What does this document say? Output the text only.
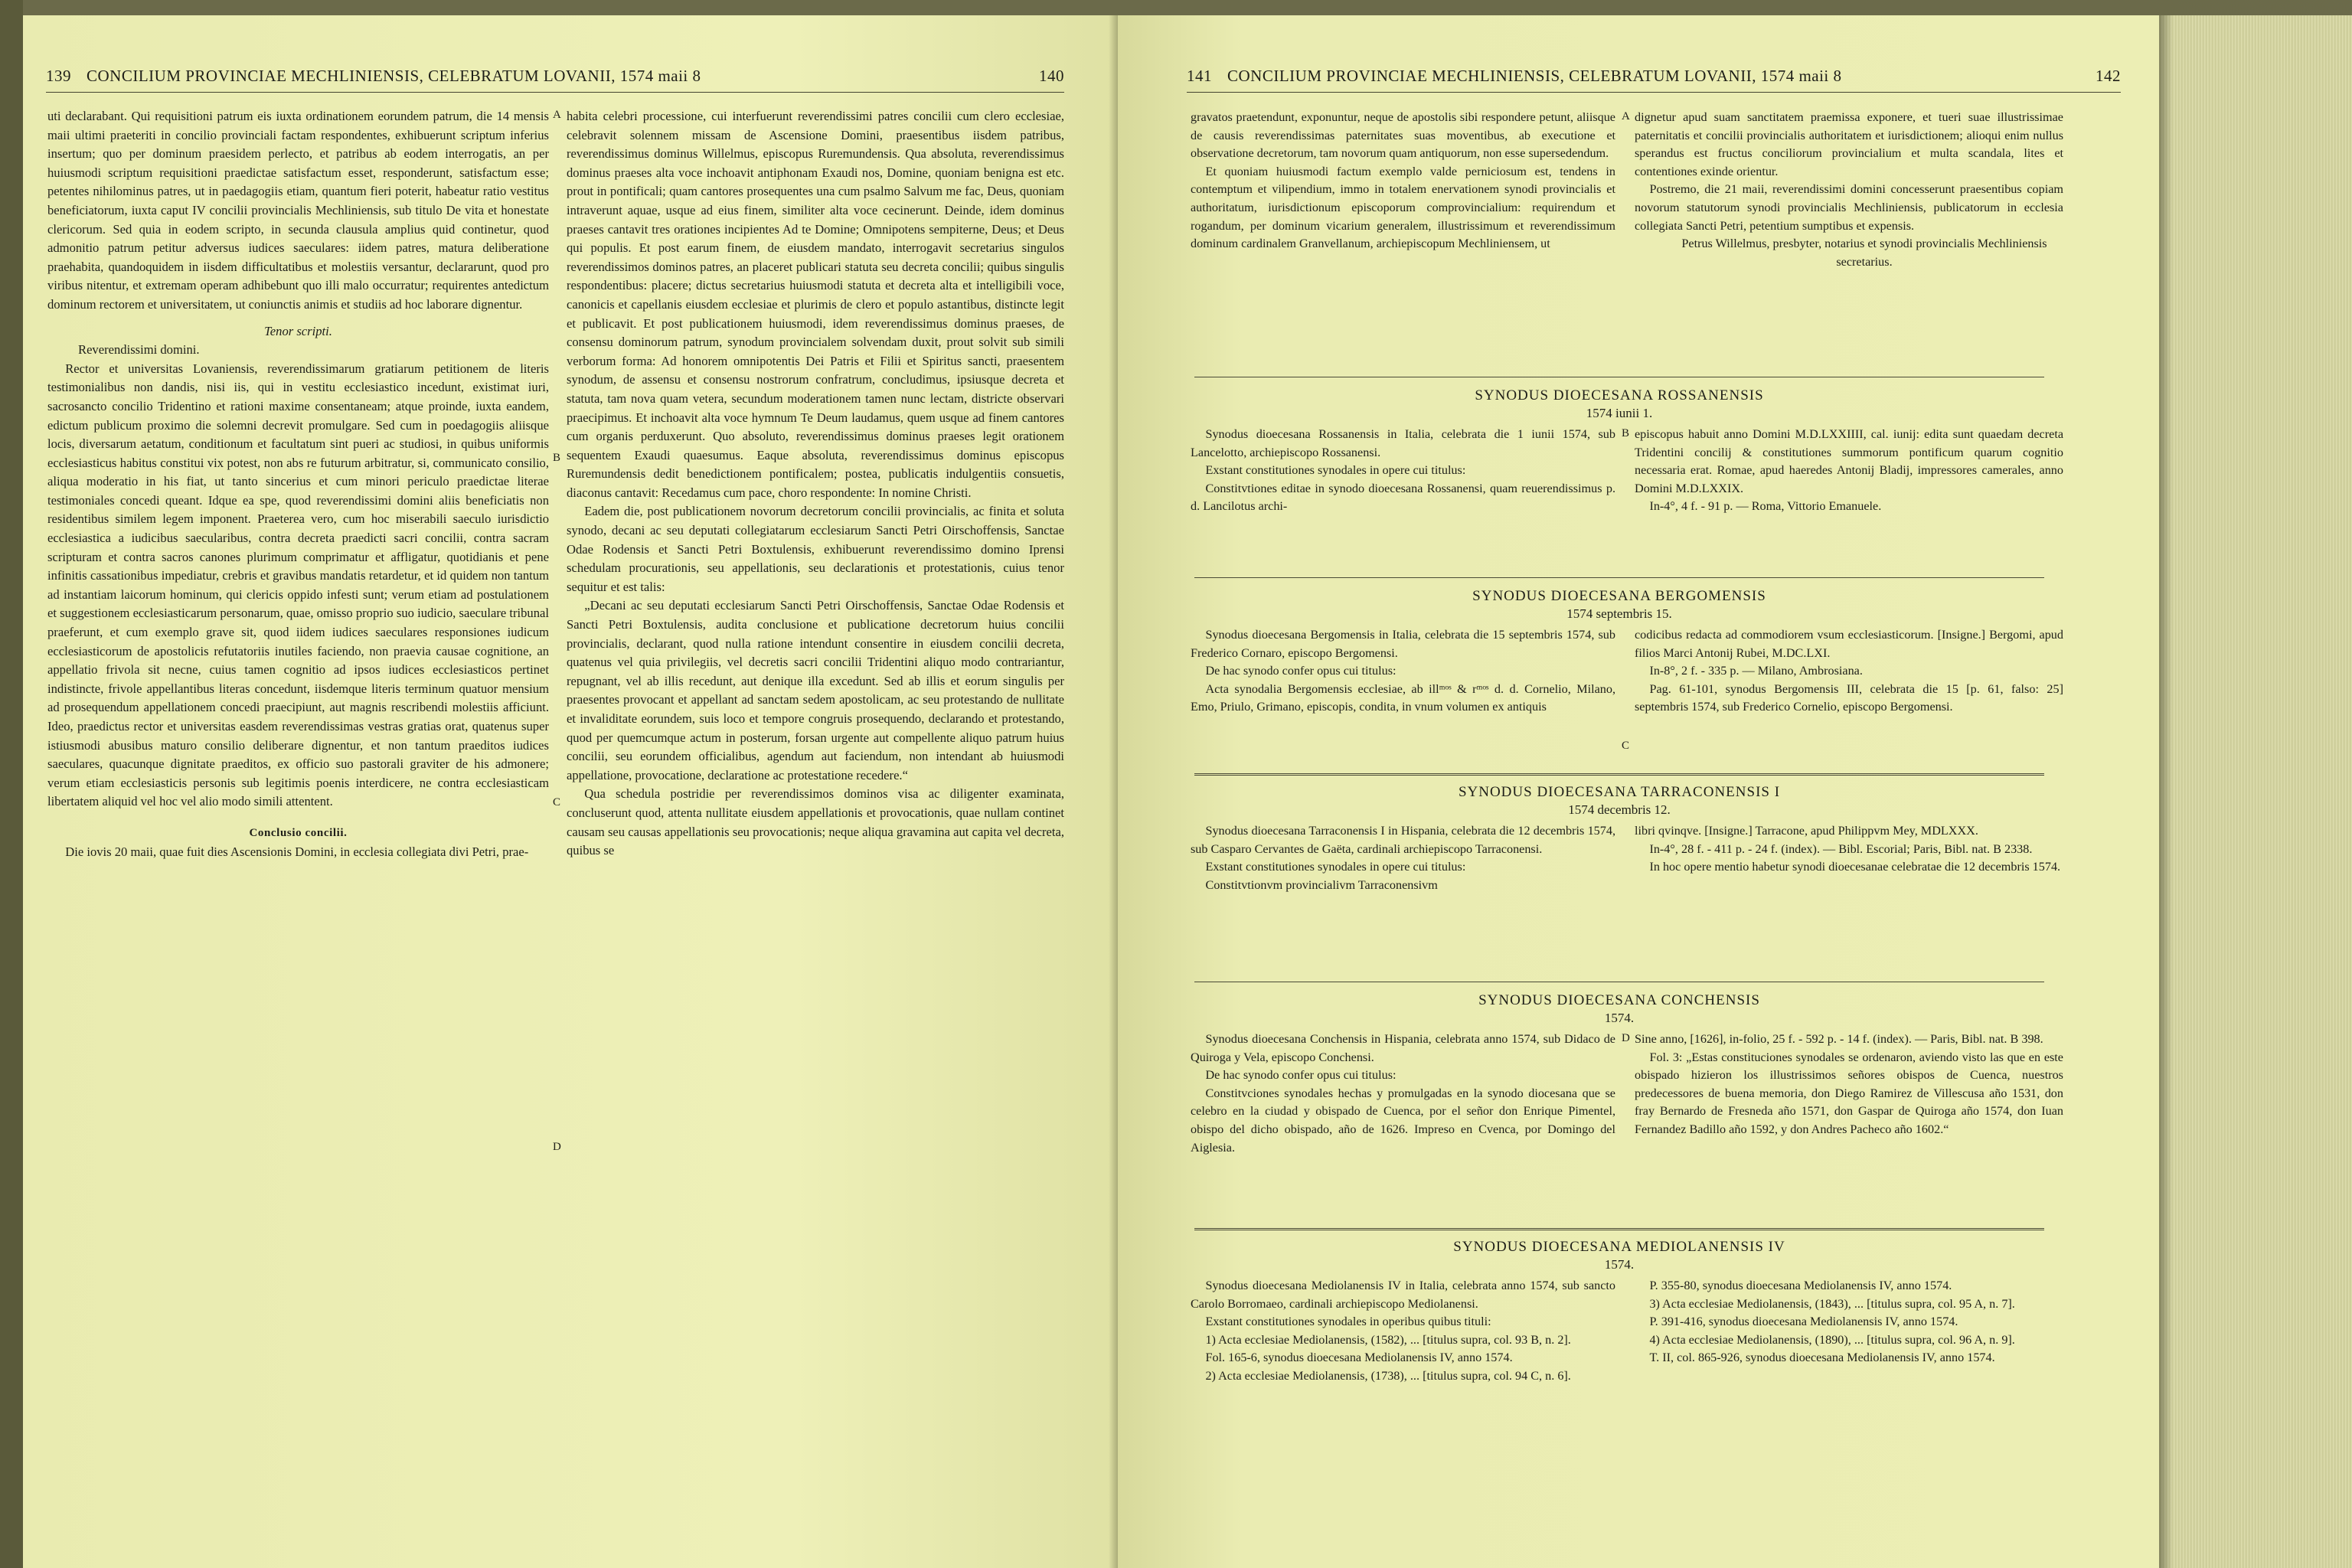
139 CONCILIUM PROVINCIAE MECHLINIENSIS, CELEBRATUM LOVANII, 1574 maii 8	140

uti declarabant. Qui requisitioni patrum eis iuxta ordinationem eorundem patrum, die 14 mensis maii ultimi praeteriti in concilio provinciali factam respondentes, exhibuerunt scriptum inferius insertum; quo per dominum praesidem perlecto, et patribus ab eodem interrogatis, an per huiusmodi scriptum requisitioni praedictae satisfactum esset, responderunt, satisfactum esse; petentes nihilominus patres, ut in paedagogiis etiam, quantum fieri poterit, habeatur ratio vestitus beneficiatorum, iuxta caput IV concilii provincialis Mechliniensis, sub titulo De vita et honestate clericorum. Sed quia in eodem scripto, in secunda clausula amplius quid continetur, quod admonitio patrum petitur adversus iudices saeculares: iidem patres, matura deliberatione praehabita, quandoquidem in iisdem difficultatibus et molestiis versantur, declararunt, quod pro viribus nitentur, et extremam operam adhibebunt quo illi malo occurratur; requirentes antedictum dominum rectorem et universitatem, ut coniunctis animis et studiis ad hoc laborare dignentur.

Tenor scripti.

Reverendissimi domini.

Rector et universitas Lovaniensis, reverendissimarum gratiarum petitionem de literis testimonialibus non dandis, nisi iis, qui in vestitu ecclesiastico incedunt, existimat iuri, sacrosancto concilio Tridentino et rationi maxime consentaneam; atque proinde, iuxta eandem, edictum publicum proximo die solemni decrevit promulgare. Sed cum in poedagogiis aliisque locis, diversarum aetatum, conditionum et facultatum sint pueri ac studiosi, in quibus uniformis ecclesiasticus habitus constitui vix potest, non abs re futurum arbitratur, si, communicato consilio, aliqua moderatio in his fiat, ut tanto sincerius et cum minori periculo praedictae literae testimoniales concedi queant. Idque ea spe, quod reverendissimi domini aliis beneficiatis non residentibus similem legem imponent. Praeterea vero, cum hoc miserabili saeculo iurisdictio ecclesiastica a iudicibus saecularibus, contra decreta praedicti sacri concilii, contra sacram scripturam et contra sacros canones plurimum comprimatur et affligatur, quotidianis et pene infinitis cassationibus impediatur, crebris et gravibus mandatis retardetur, et id quidem non tantum ad instantiam laicorum hominum, qui clericis oppido infesti sunt; verum etiam ad postulationem et suggestionem ecclesiasticarum personarum, quae, omisso proprio suo iudicio, saeculare tribunal praeferunt, et cum exemplo grave sit, quod iidem iudices saeculares responsiones iudicum ecclesiasticorum de apostolicis refutatoriis inutiles faciendo, non praevia causae cognitione, an appellatio frivola sit necne, cuius tamen cognitio ad ipsos iudices ecclesiasticos pertinet indistincte, frivole appellantibus literas concedunt, iisdemque literis terminum quatuor mensium ad prosequendum appellationem concedi praecipiunt, aut magnis rescribendi molestiis afficiunt. Ideo, praedictus rector et universitas easdem reverendissimas vestras gratias orat, quatenus super istiusmodi abusibus maturo consilio deliberare dignentur, et non tantum praeditos iudices saeculares, quacunque dignitate praeditos, ex officio suo pastorali graviter de his admonere; verum etiam ecclesiasticis personis sub legitimis poenis interdicere, ne contra ecclesiasticam libertatem aliquid vel hoc vel alio modo simili attentent.

Conclusio concilii.

Die iovis 20 maii, quae fuit dies Ascensionis Domini, in ecclesia collegiata divi Petri, prae-

habita celebri processione, cui interfuerunt reverendissimi patres concilii cum clero ecclesiae, celebravit solennem missam de Ascensione Domini, praesentibus iisdem patribus, reverendissimus dominus Willelmus, episcopus Ruremundensis. Qua absoluta, reverendissimus dominus praeses alta voce inchoavit antiphonam Exaudi nos, Domine, quoniam benigna est etc. prout in pontificali; quam cantores prosequentes una cum psalmo Salvum me fac, Deus, quoniam intraverunt aquae, usque ad eius finem, similiter alta voce cecinerunt. Deinde, idem dominus praeses cantavit tres orationes incipientes Ad te Domine; Omnipotens sempiterne, Deus; et Deus qui populis. Et post earum finem, de eiusdem mandato, interrogavit secretarius singulos reverendissimos dominos patres, an placeret publicari statuta seu decreta concilii; quibus singulis respondentibus: placere; dictus secretarius huiusmodi statuta et decreta alta et intelligibili voce, canonicis et capellanis eiusdem ecclesiae et plurimis de clero et populo astantibus, distincte legit et publicavit. Et post publicationem huiusmodi, idem reverendissimus dominus praeses, de consensu dominorum patrum, synodum provincialem solvendam duxit, prout solvit sub simili verborum forma: Ad honorem omnipotentis Dei Patris et Filii et Spiritus sancti, praesentem synodum, de assensu et consensu nostrorum confratrum, concludimus, ipsiusque decreta et statuta, tam nova quam vetera, secundum moderationem tamen nunc lectam, districte observari praecipimus. Et inchoavit alta voce hymnum Te Deum laudamus, quem usque ad finem cantores cum organis perduxerunt. Quo absoluto, reverendissimus dominus praeses legit orationem sequentem Exaudi quaesumus. Eaque absoluta, reverendissimus dominus episcopus Ruremundensis dedit benedictionem pontificalem; postea, publicatis indulgentiis consuetis, diaconus cantavit: Recedamus cum pace, choro respondente: In nomine Christi.

Eadem die, post publicationem novorum decretorum concilii provincialis, ac finita et soluta synodo, decani ac seu deputati collegiatarum ecclesiarum Sancti Petri Oirschoffensis, Sanctae Odae Rodensis et Sancti Petri Boxtulensis, exhibuerunt reverendissimo domino Iprensi schedulam procurationis, seu appellationis, seu declarationis et protestationis, cuius tenor sequitur et est talis:

„Decani ac seu deputati ecclesiarum Sancti Petri Oirschoffensis, Sanctae Odae Rodensis et Sancti Petri Boxtulensis, audita conclusione et publicatione decretorum huius concilii provincialis, declarant, quod nulla ratione intendunt consentire in eiusdem concilii decreta, quatenus vel quia privilegiis, vel decretis sacri concilii Tridentini aliquo modo contrariantur, repugnant, vel ab illis recedunt, aut denique illa excedunt. Sed ab illis et eorum singulis per praesentes provocant et appellant ad sanctam sedem apostolicam, ac seu protestando de nullitate et invaliditate eorundem, suis loco et tempore congruis prosequendo, declarando et protestando, quod per quemcumque actum in posterum, forsan urgente aut compellente aliquo patrum huius concilii, seu eorundem officialibus, agendum aut faciendum, non intendant ab huiusmodi appellatione, provocatione, declaratione ac protestatione recedere.“

Qua schedula postridie per reverendissimos dominos visa ac diligenter examinata, concluserunt quod, attenta nullitate eiusdem appellationis et provocationis, quae nullam continet causam seu causas appellationis seu provocationis; neque aliqua gravamina aut capita vel decreta, quibus se

A
B
C
D
141 CONCILIUM PROVINCIAE MECHLINIENSIS, CELEBRATUM LOVANII, 1574 maii 8	142

gravatos praetendunt, exponuntur, neque de apostolis sibi respondere petunt, aliisque de causis reverendissimas paternitates suas moventibus, ab executione et observatione decretorum, tam novorum quam antiquorum, non esse supersedendum.

Et quoniam huiusmodi factum exemplo valde perniciosum est, tendens in contemptum et vilipendium, immo in totalem enervationem synodi provincialis et authoritatum, iurisdictionum episcoporum comprovincialium: requirendum et rogandum, per dominum vicarium generalem, illustrissimum et reverendissimum dominum cardinalem Granvellanum, archiepiscopum Mechliniensem, ut

dignetur apud suam sanctitatem praemissa exponere, et tueri suae illustrissimae paternitatis et concilii provincialis authoritatem et iurisdictionem; alioqui enim nullus sperandus est fructus conciliorum provincialium et multa scandala, lites et contentiones exinde orientur.

Postremo, die 21 maii, reverendissimi domini concesserunt praesentibus copiam novorum statutorum synodi provincialis Mechliniensis, publicatorum in ecclesia collegiata Sancti Petri, petentium sumptibus et expensis.

Petrus Willelmus, presbyter, notarius et synodi provincialis Mechliniensis secretarius.

A
SYNODUS DIOECESANA ROSSANENSIS
1574 iunii 1.

Synodus dioecesana Rossanensis in Italia, celebrata die 1 iunii 1574, sub Lancelotto, archiepiscopo Rossanensi.

Exstant constitutiones synodales in opere cui titulus:

Constitvtiones editae in synodo dioecesana Rossanensi, quam reuerendissimus p. d. Lancilotus archi-

episcopus habuit anno Domini M.D.LXXIIII, cal. iunij: edita sunt quaedam decreta Tridentini concilij & constitutiones summorum pontificum quarum cognitio necessaria erat. Romae, apud haeredes Antonij Bladij, impressores camerales, anno Domini M.D.LXXIX.

In-4°, 4 f. - 91 p. — Roma, Vittorio Emanuele.

B
SYNODUS DIOECESANA BERGOMENSIS
1574 septembris 15.

Synodus dioecesana Bergomensis in Italia, celebrata die 15 septembris 1574, sub Frederico Cornaro, episcopo Bergomensi.

De hac synodo confer opus cui titulus:

Acta synodalia Bergomensis ecclesiae, ab illᵐᵒˢ & rᵐᵒˢ d. d. Cornelio, Milano, Emo, Priulo, Grimano, episcopis, condita, in vnum volumen ex antiquis

codicibus redacta ad commodiorem vsum ecclesiasticorum. [Insigne.] Bergomi, apud filios Marci Antonij Rubei, M.DC.LXI.

In-8°, 2 f. - 335 p. — Milano, Ambrosiana.

Pag. 61-101, synodus Bergomensis III, celebrata die 15 [p. 61, falso: 25] septembris 1574, sub Frederico Cornelio, episcopo Bergomensi.

C
SYNODUS DIOECESANA TARRACONENSIS I
1574 decembris 12.

Synodus dioecesana Tarraconensis I in Hispania, celebrata die 12 decembris 1574, sub Casparo Cervantes de Gaëta, cardinali archiepiscopo Tarraconensi.

Exstant constitutiones synodales in opere cui titulus:

Constitvtionvm provincialivm Tarraconensivm

libri qvinqve. [Insigne.] Tarracone, apud Philippvm Mey, MDLXXX.

In-4°, 28 f. - 411 p. - 24 f. (index). — Bibl. Escorial; Paris, Bibl. nat. B 2338.

In hoc opere mentio habetur synodi dioecesanae celebratae die 12 decembris 1574.

SYNODUS DIOECESANA CONCHENSIS
1574.

Synodus dioecesana Conchensis in Hispania, celebrata anno 1574, sub Didaco de Quiroga y Vela, episcopo Conchensi.

De hac synodo confer opus cui titulus:

Constitvciones synodales hechas y promulgadas en la synodo diocesana que se celebro en la ciudad y obispado de Cuenca, por el señor don Enrique Pimentel, obispo del dicho obispado, año de 1626. Impreso en Cvenca, por Domingo del Aiglesia.

Sine anno, [1626], in-folio, 25 f. - 592 p. - 14 f. (index). — Paris, Bibl. nat. B 398.

Fol. 3: „Estas constituciones synodales se ordenaron, aviendo visto las que en este obispado hizieron los illustrissimos señores obispos de Cuenca, nuestros predecessores de buena memoria, don Diego Ramirez de Villescusa año 1531, don fray Bernardo de Fresneda año 1571, don Gaspar de Quiroga año 1574, don Iuan Fernandez Badillo año 1592, y don Andres Pacheco año 1602.“

D
SYNODUS DIOECESANA MEDIOLANENSIS IV
1574.

Synodus dioecesana Mediolanensis IV in Italia, celebrata anno 1574, sub sancto Carolo Borromaeo, cardinali archiepiscopo Mediolanensi.

Exstant constitutiones synodales in operibus quibus tituli:

1) Acta ecclesiae Mediolanensis, (1582), ... [titulus supra, col. 93 B, n. 2].

Fol. 165-6, synodus dioecesana Mediolanensis IV, anno 1574.

2) Acta ecclesiae Mediolanensis, (1738), ... [titulus supra, col. 94 C, n. 6].

P. 355-80, synodus dioecesana Mediolanensis IV, anno 1574.

3) Acta ecclesiae Mediolanensis, (1843), ... [titulus supra, col. 95 A, n. 7].

P. 391-416, synodus dioecesana Mediolanensis IV, anno 1574.

4) Acta ecclesiae Mediolanensis, (1890), ... [titulus supra, col. 96 A, n. 9].

T. II, col. 865-926, synodus dioecesana Mediolanensis IV, anno 1574.
